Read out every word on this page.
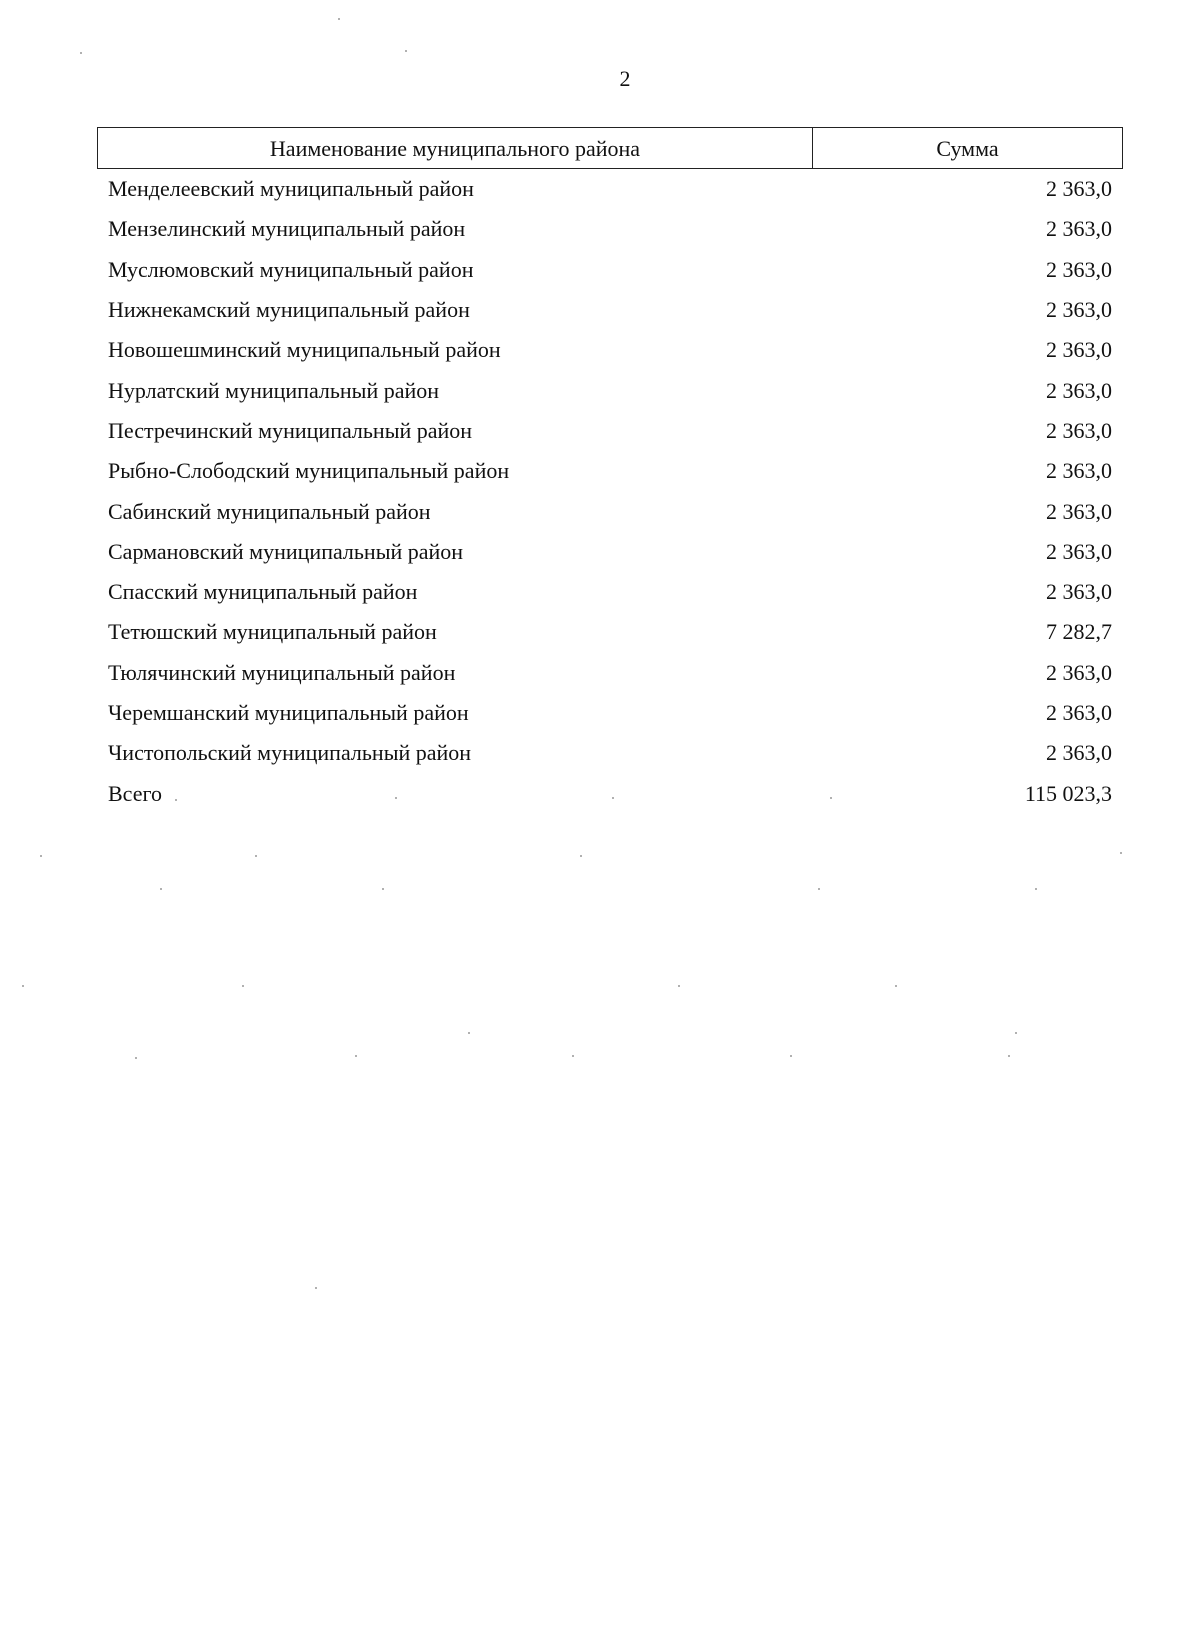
2
Наименование муниципального района	Сумма
Менделеевский муниципальный район	2 363,0
Мензелинский муниципальный район	2 363,0
Муслюмовский муниципальный район	2 363,0
Нижнекамский муниципальный район	2 363,0
Новошешминский муниципальный район	2 363,0
Нурлатский муниципальный район	2 363,0
Пестречинский муниципальный район	2 363,0
Рыбно-Слободский муниципальный район	2 363,0
Сабинский муниципальный район	2 363,0
Сармановский муниципальный район	2 363,0
Спасский муниципальный район	2 363,0
Тетюшский муниципальный район	7 282,7
Тюлячинский муниципальный район	2 363,0
Черемшанский муниципальный район	2 363,0
Чистопольский муниципальный район	2 363,0
Всего	115 023,3
